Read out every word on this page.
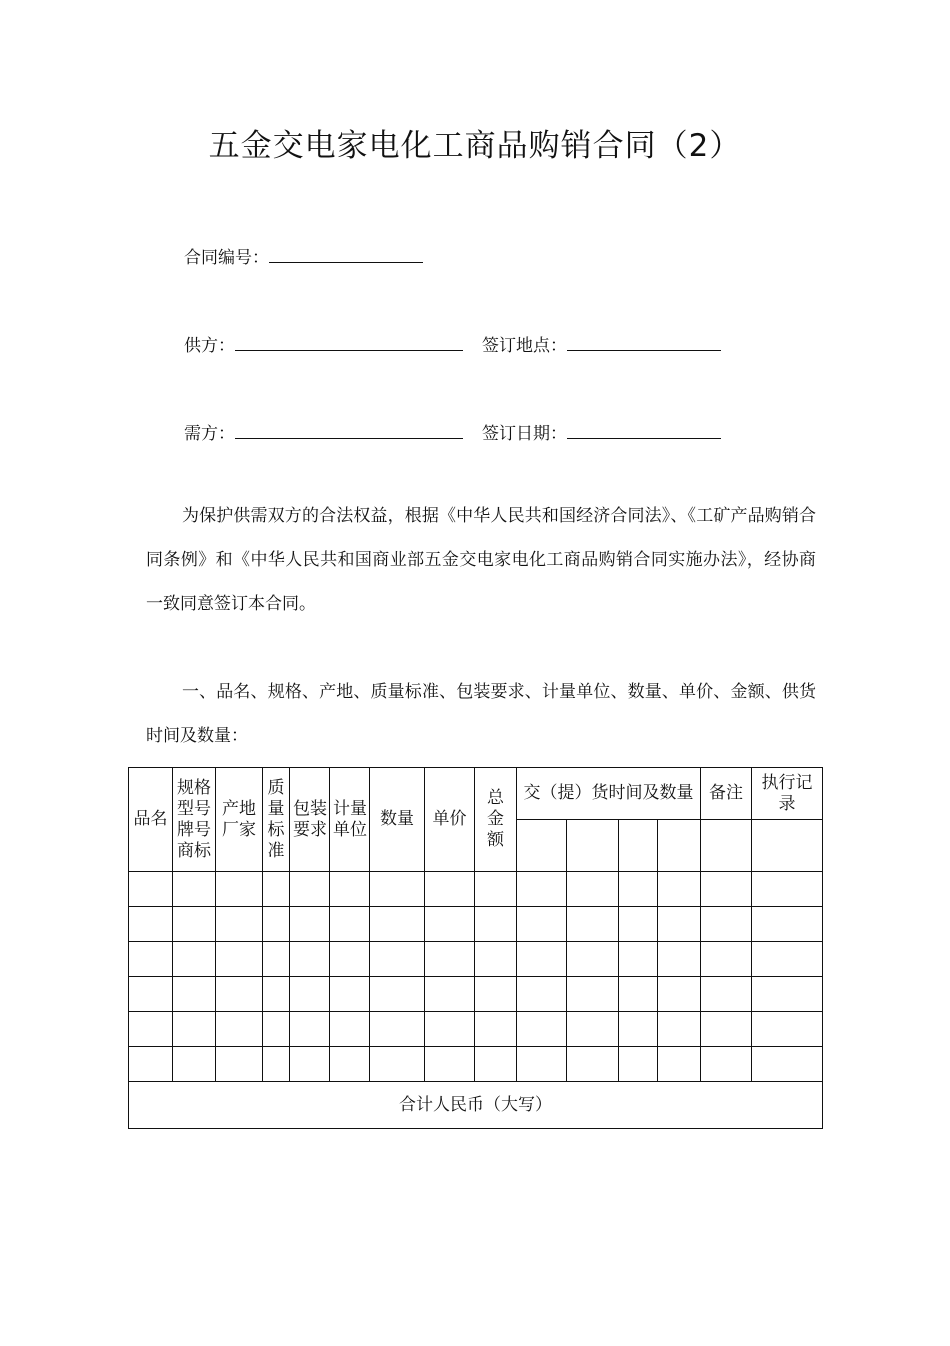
五金交电家电化工商品购销合同（2）
合同编号：
供方：	签订地点：
需方：	签订日期：

为保护供需双方的合法权益，根据《中华人民共和国经济合同法》、《工矿产品购销合同条例》和《中华人民共和国商业部五金交电家电化工商品购销合同实施办法》，经协商一致同意签订本合同。

一、品名、规格、产地、质量标准、包装要求、计量单位、数量、单价、金额、供货时间及数量：

品名	规格型号牌号商标	产地厂家	质量标准	包装要求	计量单位	数量	单价	总金额	交（提）货时间及数量				备注	执行记录

合计人民币（大写）														
